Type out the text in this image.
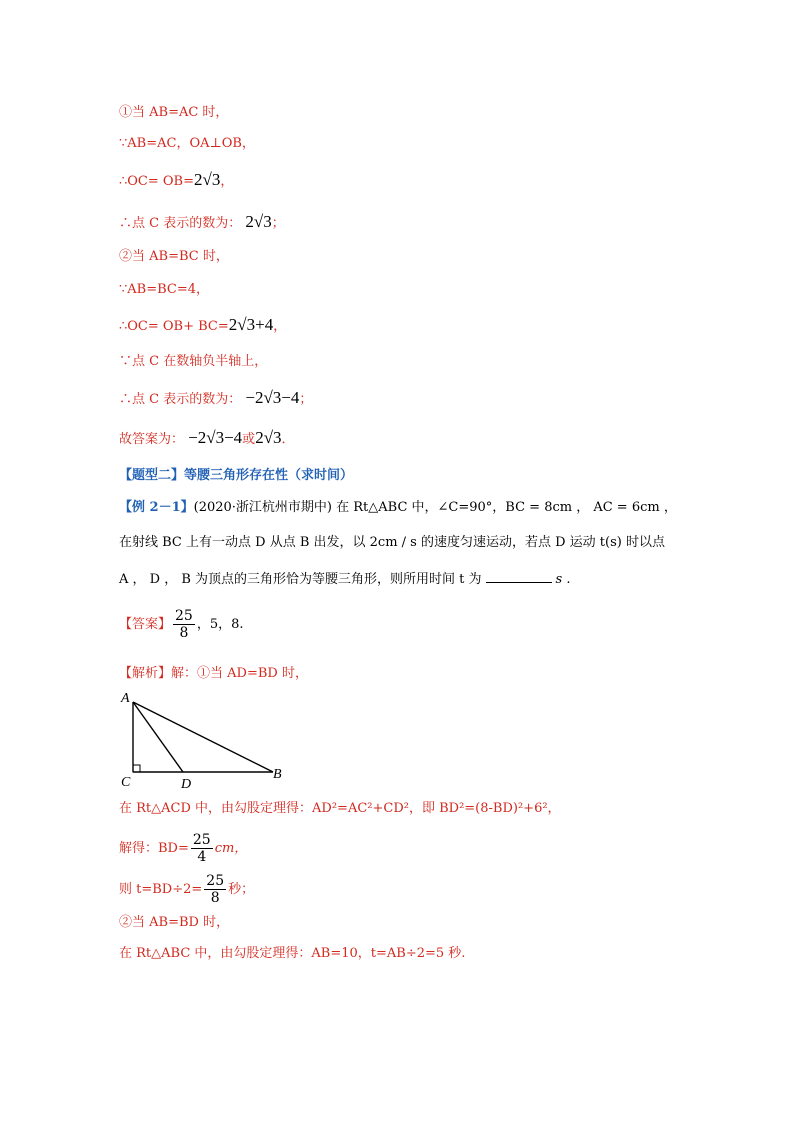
①当 AB=AC 时，
∵AB=AC，OA⊥OB，
∴OC= OB=2√3，
∴点 C 表示的数为： 2√3；
②当 AB=BC 时，
∵AB=BC=4，
∴OC= OB+ BC=2√3+4，
∵点 C 在数轴负半轴上，
∴点 C 表示的数为： −2√3−4；
故答案为： −2√3−4或2√3．
【题型二】等腰三角形存在性（求时间）
【例 2－1】(2020·浙江杭州市期中) 在 Rt△ABC 中，∠C=90°，BC = 8cm ， AC = 6cm ，
在射线 BC 上有一动点 D 从点 B 出发，以 2cm / s 的速度匀速运动，若点 D 运动 t(s) 时以点
A ， D ， B 为顶点的三角形恰为等腰三角形，则所用时间 t 为	s .
【答案】 $\frac{25}{8}$ ，5，8.
【解析】解：①当 AD=BD 时，
A
C	D
B
在 Rt△ACD 中，由勾股定理得：AD²=AC²+CD²，即 BD²=(8-BD)²+6²，
解得：$BD= \frac{25}{4}$ cm，
则 $t=BD\div 2= \frac{25}{8}$ 秒；
②当 AB=BD 时，
在 Rt△ABC 中，由勾股定理得：AB=10，t=AB÷2=5 秒.
